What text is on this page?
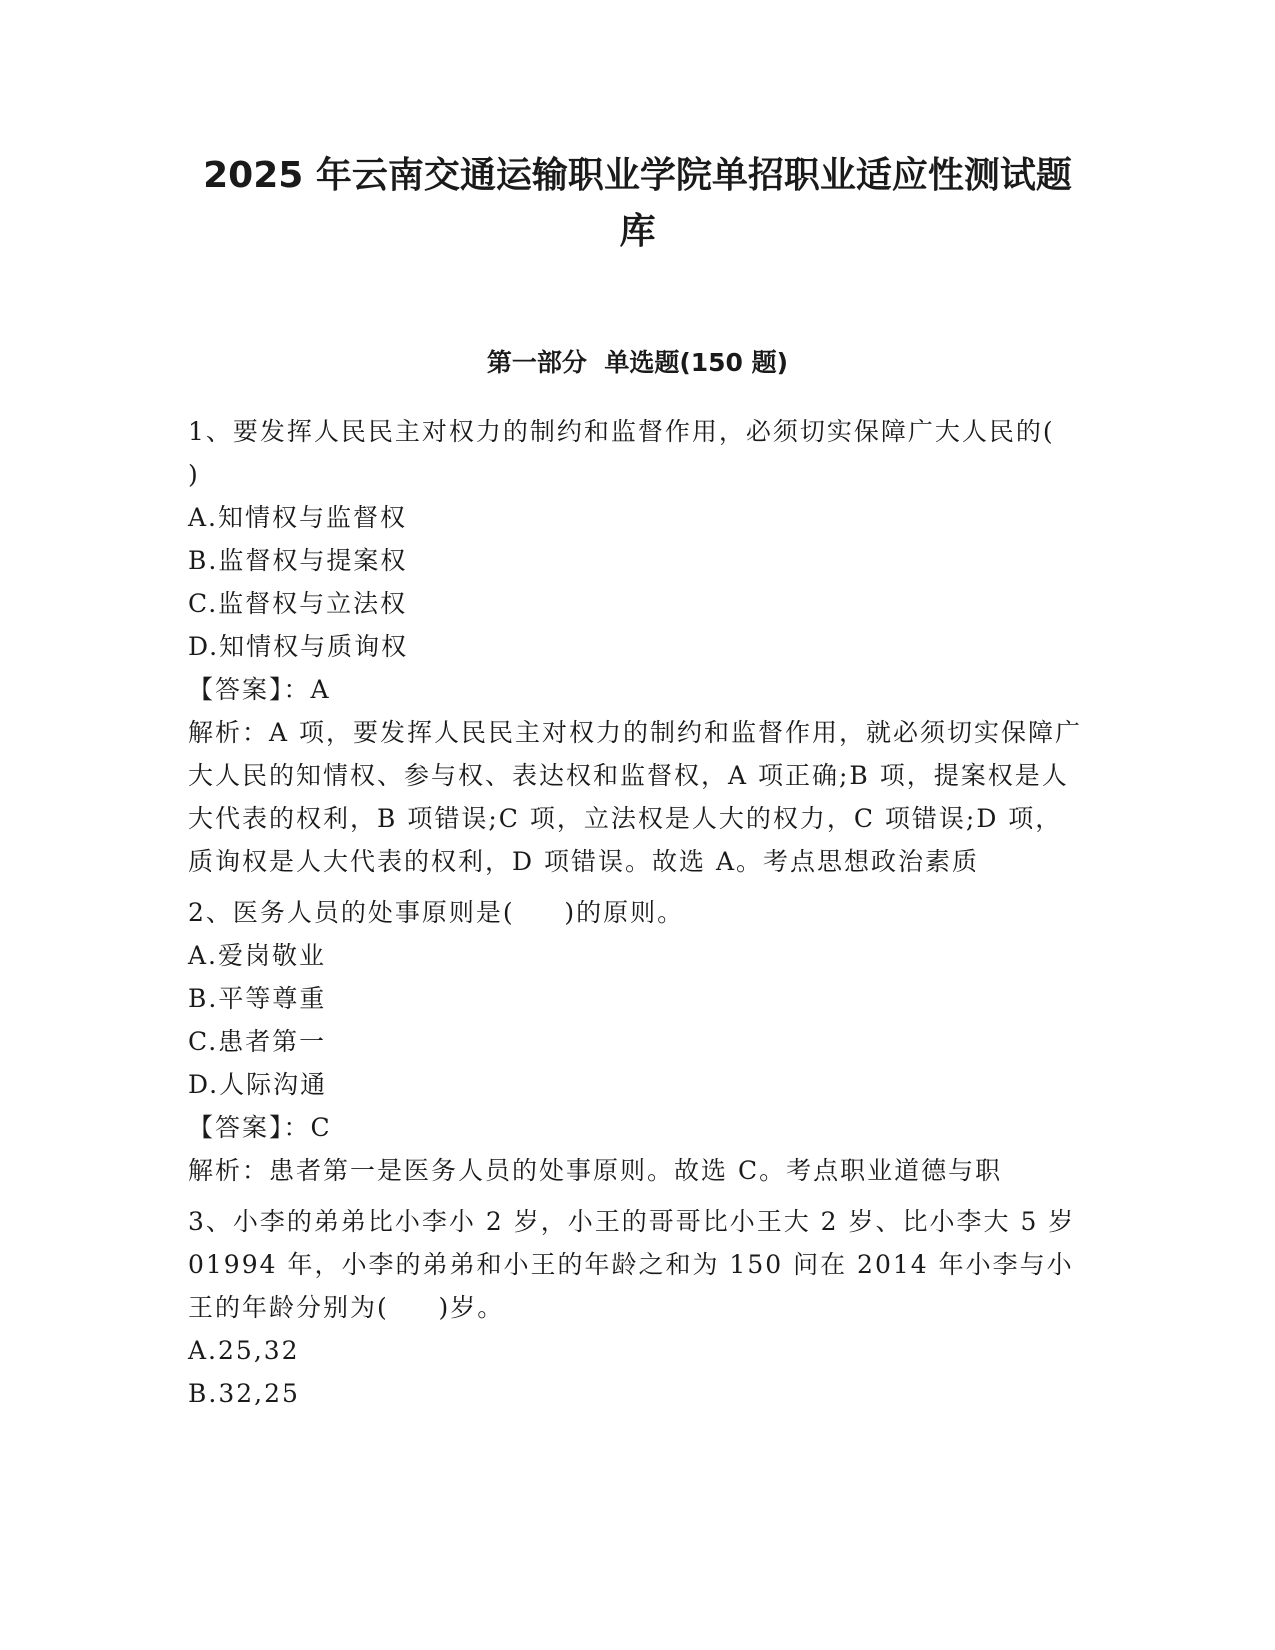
2025 年云南交通运输职业学院单招职业适应性测试题
库
第一部分  单选题(150 题)

1、要发挥人民民主对权力的制约和监督作用，必须切实保障广大人民的(     )

A.知情权与监督权

B.监督权与提案权

C.监督权与立法权

D.知情权与质询权

【答案】：A

解析：A 项，要发挥人民民主对权力的制约和监督作用，就必须切实保障广大人民的知情权、参与权、表达权和监督权，A 项正确;B 项，提案权是人大代表的权利，B 项错误;C 项，立法权是人大的权力，C 项错误;D 项，质询权是人大代表的权利，D 项错误。故选 A。考点思想政治素质

2、医务人员的处事原则是(     )的原则。

A.爱岗敬业

B.平等尊重

C.患者第一

D.人际沟通

【答案】：C

解析：患者第一是医务人员的处事原则。故选 C。考点职业道德与职

3、小李的弟弟比小李小 2 岁，小王的哥哥比小王大 2 岁、比小李大 5 岁 01994 年，小李的弟弟和小王的年龄之和为 150 问在 2014 年小李与小王的年龄分别为(     )岁。

A.25,32

B.32,25
